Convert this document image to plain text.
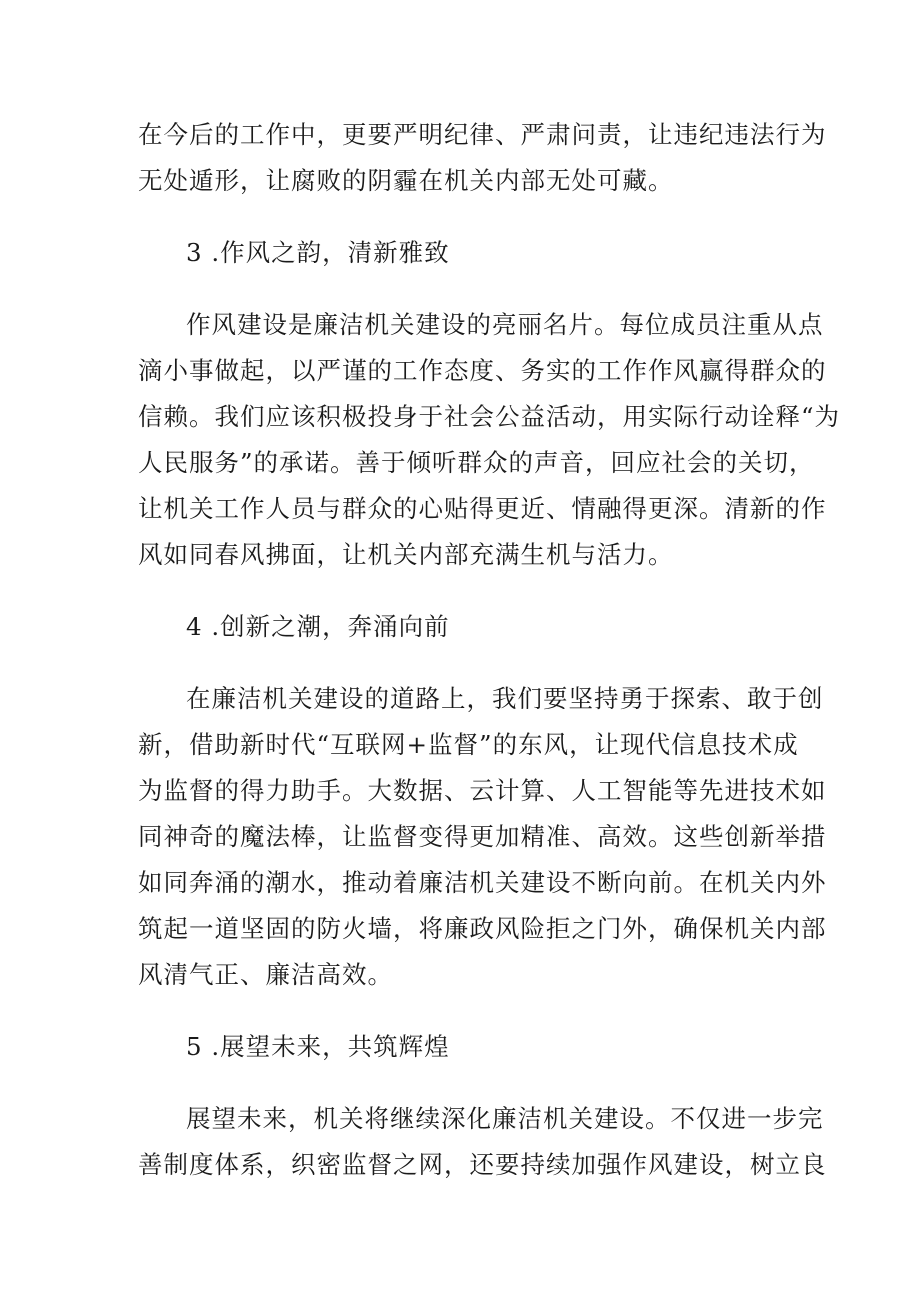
在今后的工作中，更要严明纪律、严肃问责，让违纪违法行为
无处遁形，让腐败的阴霾在机关内部无处可藏。
3 .作风之韵，清新雅致
作风建设是廉洁机关建设的亮丽名片。每位成员注重从点
滴小事做起，以严谨的工作态度、务实的工作作风赢得群众的
信赖。我们应该积极投身于社会公益活动，用实际行动诠释“为
人民服务”的承诺。善于倾听群众的声音，回应社会的关切，
让机关工作人员与群众的心贴得更近、情融得更深。清新的作
风如同春风拂面，让机关内部充满生机与活力。
4 .创新之潮，奔涌向前
在廉洁机关建设的道路上，我们要坚持勇于探索、敢于创
新，借助新时代“互联网+监督”的东风，让现代信息技术成
为监督的得力助手。大数据、云计算、人工智能等先进技术如
同神奇的魔法棒，让监督变得更加精准、高效。这些创新举措
如同奔涌的潮水，推动着廉洁机关建设不断向前。在机关内外
筑起一道坚固的防火墙，将廉政风险拒之门外，确保机关内部
风清气正、廉洁高效。
5 .展望未来，共筑辉煌
展望未来，机关将继续深化廉洁机关建设。不仅进一步完
善制度体系，织密监督之网，还要持续加强作风建设，树立良
